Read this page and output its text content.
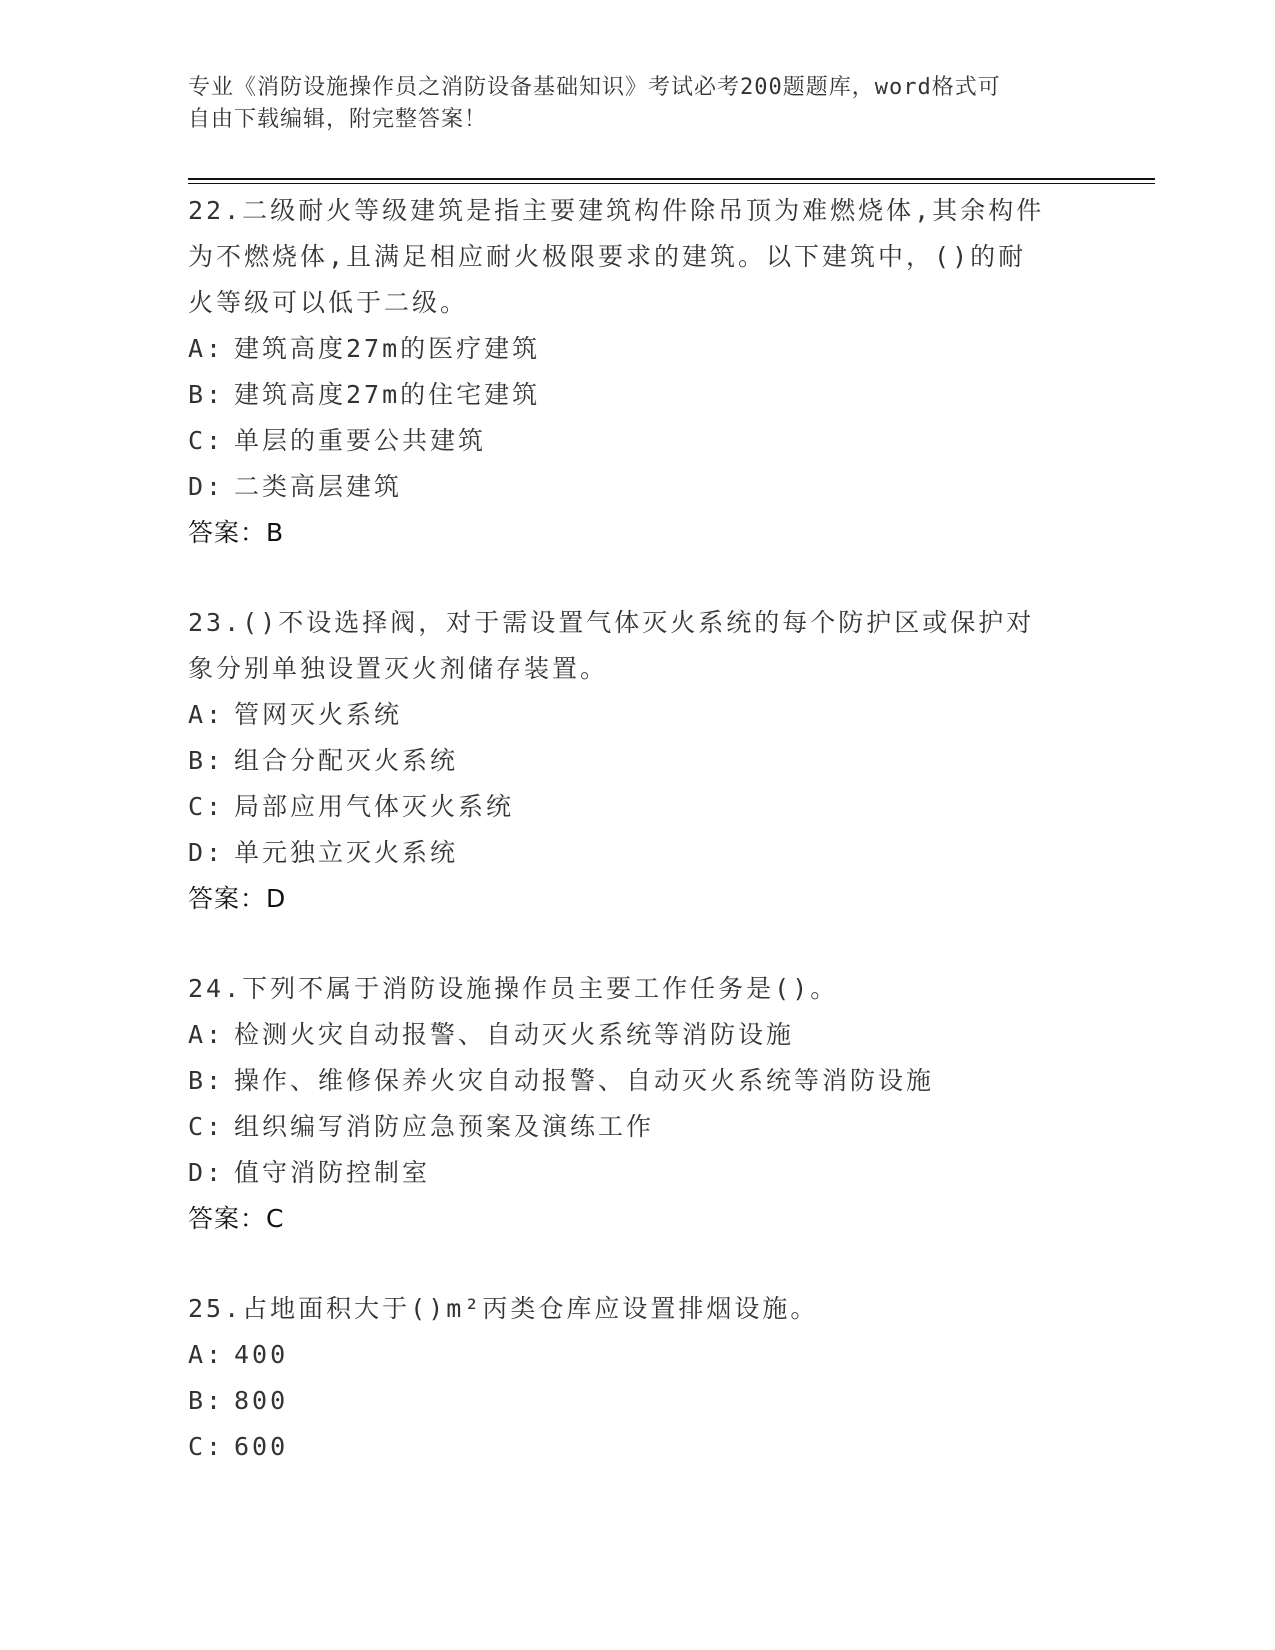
专业《消防设施操作员之消防设备基础知识》考试必考200题题库，word格式可
自由下载编辑，附完整答案！
22.二级耐火等级建筑是指主要建筑构件除吊顶为难燃烧体,其余构件
为不燃烧体,且满足相应耐火极限要求的建筑。以下建筑中，()的耐
火等级可以低于二级。
A: 建筑高度27m的医疗建筑
B: 建筑高度27m的住宅建筑
C: 单层的重要公共建筑
D: 二类高层建筑
答案：B
23.()不设选择阀，对于需设置气体灭火系统的每个防护区或保护对
象分别单独设置灭火剂储存装置。
A: 管网灭火系统
B: 组合分配灭火系统
C: 局部应用气体灭火系统
D: 单元独立灭火系统
答案：D
24.下列不属于消防设施操作员主要工作任务是()。
A: 检测火灾自动报警、自动灭火系统等消防设施
B: 操作、维修保养火灾自动报警、自动灭火系统等消防设施
C: 组织编写消防应急预案及演练工作
D: 值守消防控制室
答案：C
25.占地面积大于()m²丙类仓库应设置排烟设施。
A: 400
B: 800
C: 600
